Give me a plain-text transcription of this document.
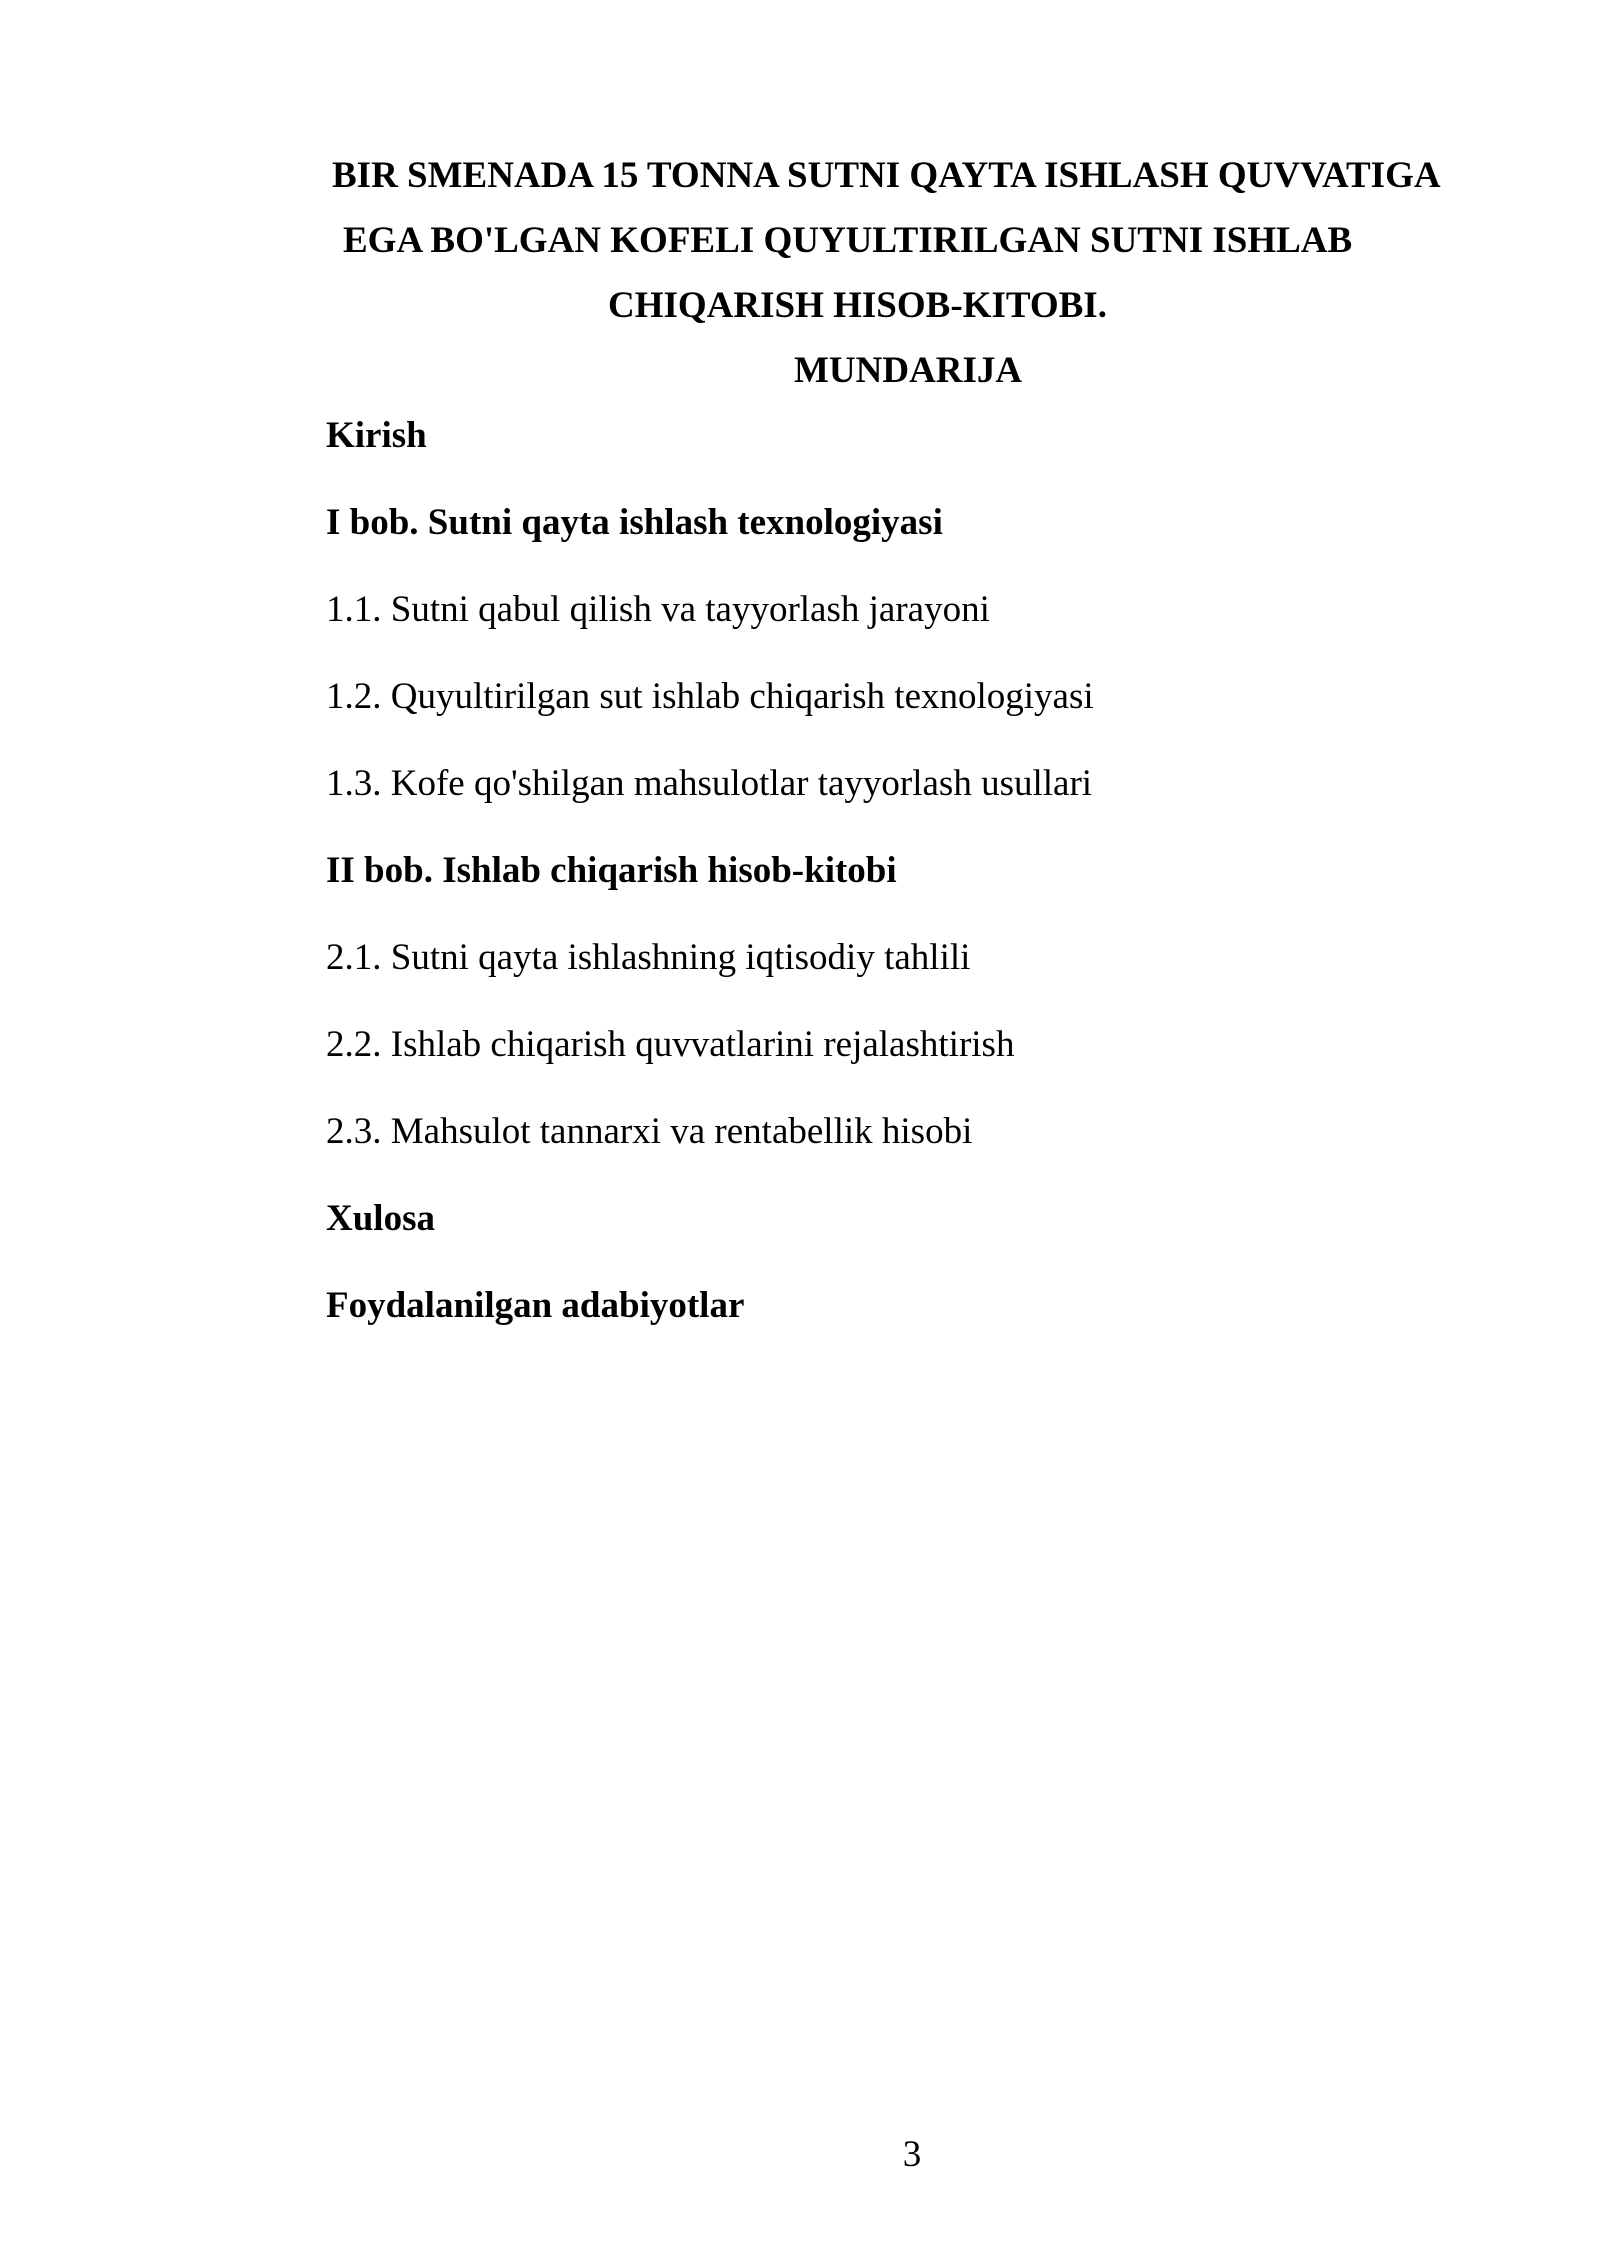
BIR SMENADA 15 TONNA SUTNI QAYTA ISHLASH QUVVATIGA
EGA BO'LGAN KOFELI QUYULTIRILGAN SUTNI ISHLAB
CHIQARISH HISOB-KITOBI.
MUNDARIJA
Kirish
I bob. Sutni qayta ishlash texnologiyasi
1.1. Sutni qabul qilish va tayyorlash jarayoni
1.2. Quyultirilgan sut ishlab chiqarish texnologiyasi
1.3. Kofe qo'shilgan mahsulotlar tayyorlash usullari
II bob. Ishlab chiqarish hisob-kitobi
2.1. Sutni qayta ishlashning iqtisodiy tahlili
2.2. Ishlab chiqarish quvvatlarini rejalashtirish
2.3. Mahsulot tannarxi va rentabellik hisobi
Xulosa
Foydalanilgan adabiyotlar
3
